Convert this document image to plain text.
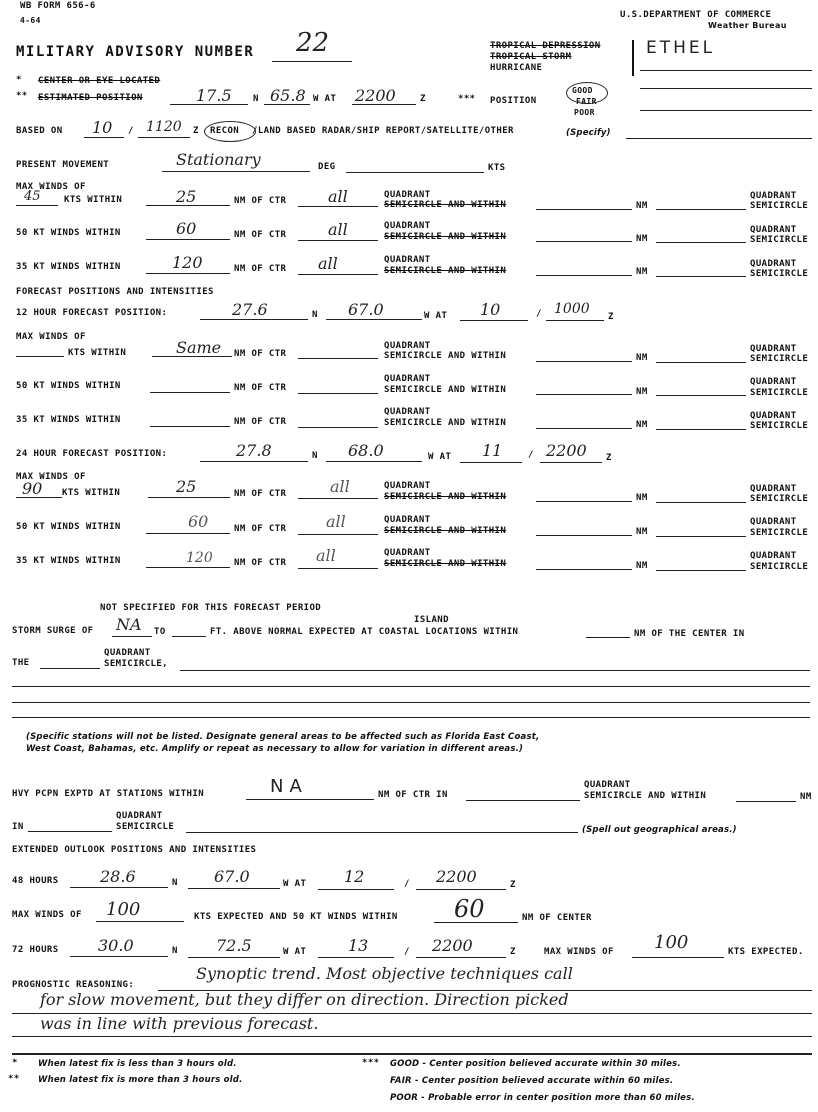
WB FORM 656-6
4-64
U.S.DEPARTMENT OF COMMERCE
Weather Bureau
MILITARY ADVISORY NUMBER 22	TROPICAL DEPRESSION
TROPICAL STORM
HURRICANE
ETHEL
* CENTER OR EYE LOCATED
** ESTIMATED POSITION	17.5 N 65.8 W AT 2200	Z	*** POSITION
GOOD
FAIR
POOR
BASED ON 10 / 1120 Z RECON /LAND BASED RADAR/SHIP REPORT/SATELLITE/OTHER	(Specify)
PRESENT MOVEMENT	Stationary	DEG	KTS
MAX WINDS OF
45	KTS WITHIN	25	NM OF CTR	all	QUADRANT
SEMICIRCLE AND WITHIN	NM
QUADRANT
SEMICIRCLE
50 KT WINDS WITHIN	60	NM OF CTR	all	QUADRANT
SEMICIRCLE AND WITHIN	NM
QUADRANT
SEMICIRCLE
35 KT WINDS WITHIN	120	NM OF CTR all	QUADRANT
SEMICIRCLE AND WITHIN	NM
QUADRANT
SEMICIRCLE
FORECAST POSITIONS AND INTENSITIES
12 HOUR FORECAST POSITION:	27.6	N 67.0	W AT 10	/ 1000 Z
MAX WINDS OF
KTS WITHIN	Same NM OF CTR
QUADRANT
SEMICIRCLE AND WITHIN	NM
QUADRANT
SEMICIRCLE
50 KT WINDS WITHIN	NM OF CTR
QUADRANT
SEMICIRCLE AND WITHIN	NM
QUADRANT
SEMICIRCLE
35 KT WINDS WITHIN	NM OF CTR
QUADRANT
SEMICIRCLE AND WITHIN	NM
QUADRANT
SEMICIRCLE
24 HOUR FORECAST POSITION:	27.8	N 68.0	W AT 11	/ 2200 Z
MAX WINDS OF
90 KTS WITHIN	25	NM OF CTR	all	QUADRANT
SEMICIRCLE AND WITHIN	NM
QUADRANT
SEMICIRCLE
50 KT WINDS WITHIN	60	NM OF CTR all	QUADRANT
SEMICIRCLE AND WITHIN	NM
QUADRANT
SEMICIRCLE
35 KT WINDS WITHIN	120 NM OF CTR all	QUADRANT
SEMICIRCLE AND WITHIN	NM
QUADRANT
SEMICIRCLE
NOT SPECIFIED FOR THIS FORECAST PERIOD
ISLAND
STORM SURGE OF NA TO	FT. ABOVE NORMAL EXPECTED AT COASTAL LOCATIONS WITHIN	NM OF THE CENTER IN
THE
QUADRANT
SEMICIRCLE,
(Specific stations will not be listed. Designate general areas to be affected such as Florida East Coast,
West Coast, Bahamas, etc. Amplify or repeat as necessary to allow for variation in different areas.)
HVY PCPN EXPTD AT STATIONS WITHIN	NA	NM OF CTR IN
QUADRANT
SEMICIRCLE AND WITHIN	NM
IN
QUADRANT
SEMICIRCLE	(Spell out geographical areas.)
EXTENDED OUTLOOK POSITIONS AND INTENSITIES
48 HOURS	28.6	N 67.0	W AT 12	/ 2200	Z
MAX WINDS OF 100	KTS EXPECTED AND 50 KT WINDS WITHIN 60	NM OF CENTER
72 HOURS 30.0	N 72.5	W AT	13	/ 2200	Z	MAX WINDS OF 100	KTS EXPECTED.
PROGNOSTIC REASONING:
Synoptic trend. Most objective techniques call
for slow movement, but they differ on direction. Direction picked
was in line with previous forecast.
* When latest fix is less than 3 hours old.
** When latest fix is more than 3 hours old.
*** GOOD - Center position believed accurate within 30 miles.
FAIR - Center position believed accurate within 60 miles.
POOR - Probable error in center position more than 60 miles.
